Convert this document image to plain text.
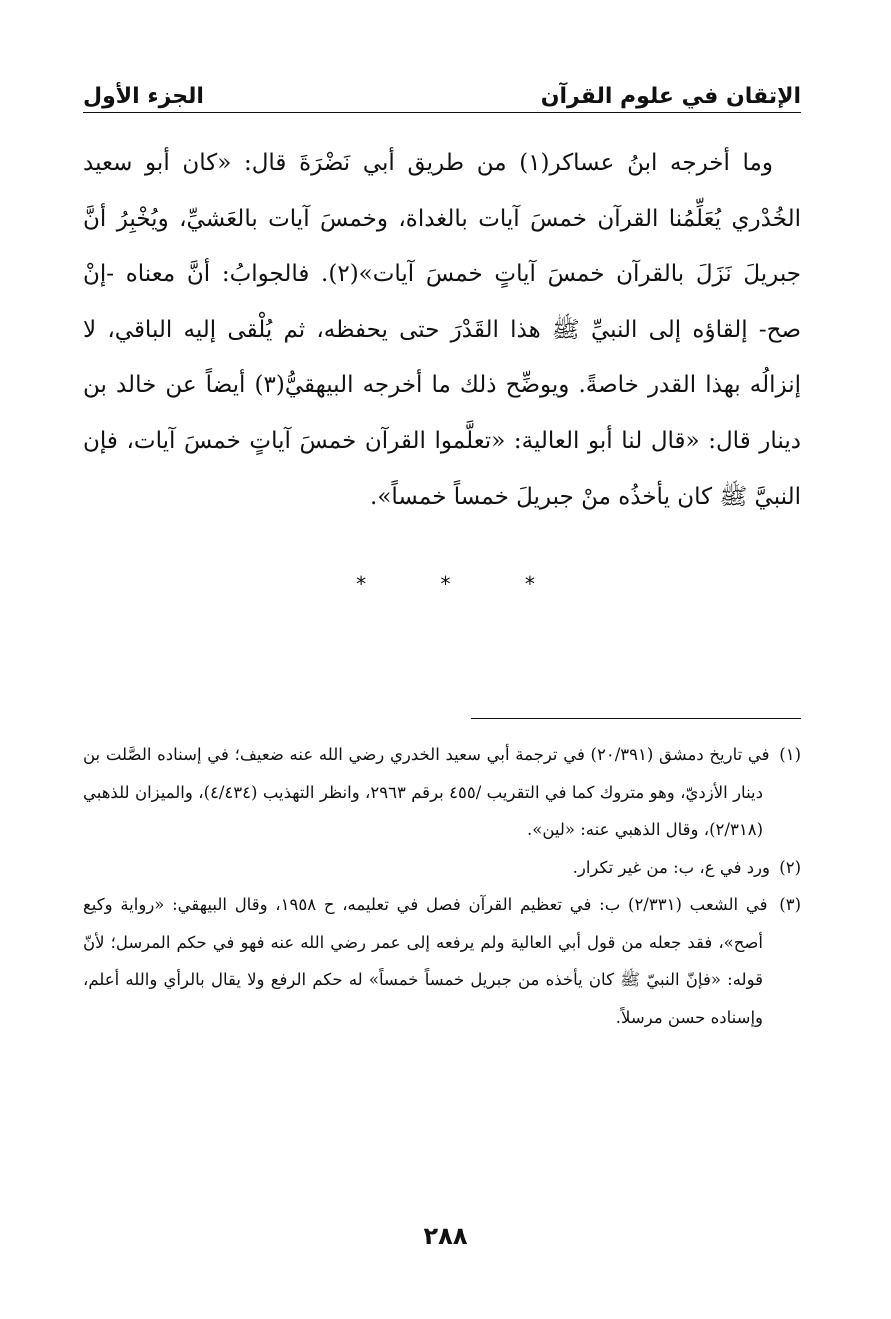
الإتقان في علوم القرآن
الجزء الأول

وما أخرجه ابنُ عساكر(١) من طريق أبي نَضْرَةَ قال: «كان أبو سعيد الخُدْري يُعَلِّمُنا القرآن خمسَ آيات بالغداة، وخمسَ آيات بالعَشيِّ، ويُخْبِرُ أنَّ جبريلَ نَزَلَ بالقرآن خمسَ آياتٍ خمسَ آيات»(٢). فالجوابُ: أنَّ معناه -إنْ صح- إلقاؤه إلى النبيِّ ﷺ هذا القَدْرَ حتى يحفظه، ثم يُلْقى إليه الباقي، لا إنزالُه بهذا القدر خاصةً. ويوضِّح ذلك ما أخرجه البيهقيُّ(٣) أيضاً عن خالد بن دينار قال: «قال لنا أبو العالية: «تعلَّموا القرآن خمسَ آياتٍ خمسَ آيات، فإن النبيَّ ﷺ كان يأخذُه منْ جبريلَ خمساً خمساً».

* * *

(١) في تاريخ دمشق (٢٠/٣٩١) في ترجمة أبي سعيد الخدري رضي الله عنه ضعيف؛ في إسناده الصَّلت بن دينار الأزديّ، وهو متروك كما في التقريب /٤٥٥ برقم ٢٩٦٣، وانظر التهذيب (٤/٤٣٤)، والميزان للذهبي (٢/٣١٨)، وقال الذهبي عنه: «لين».

(٢) ورد في ع، ب: من غير تكرار.

(٣) في الشعب (٢/٣٣١) ب: في تعظيم القرآن فصل في تعليمه، ح ١٩٥٨، وقال البيهقي: «رواية وكيع أصح»، فقد جعله من قول أبي العالية ولم يرفعه إلى عمر رضي الله عنه فهو في حكم المرسل؛ لأنّ قوله: «فإنّ النبيّ ﷺ كان يأخذه من جبريل خمساً خمساً» له حكم الرفع ولا يقال بالرأي والله أعلم، وإسناده حسن مرسلاً.

٢٨٨
